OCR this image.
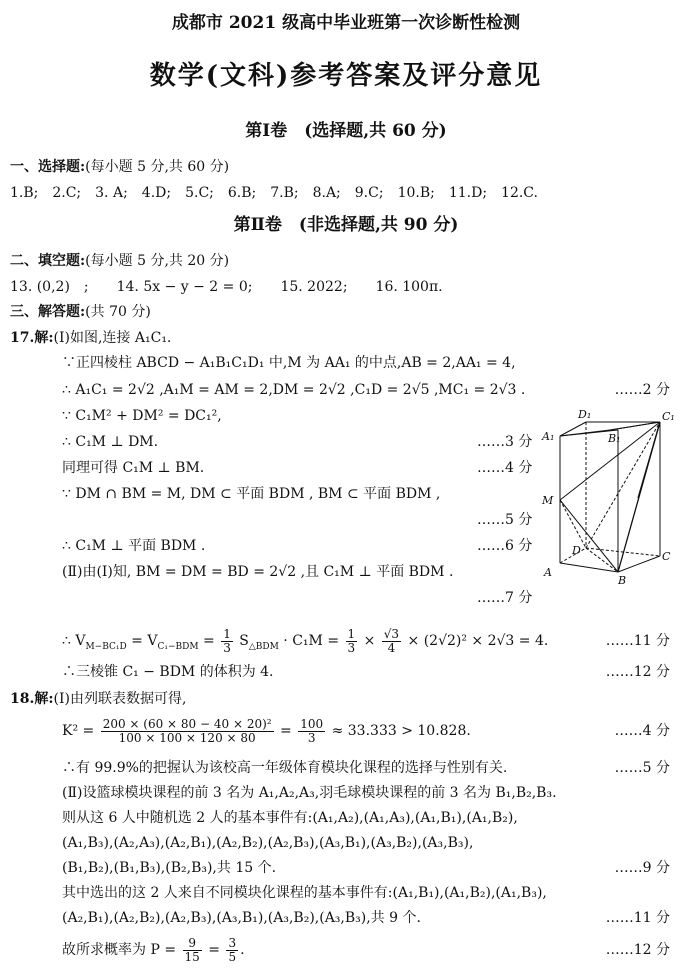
成都市 2021 级高中毕业班第一次诊断性检测
数学(文科)参考答案及评分意见
第Ⅰ卷　(选择题,共 60 分)
一、选择题:(每小题 5 分,共 60 分)
1.B;　2.C;　3. A;　4.D;　5.C;　6.B;　7.B;　8.A;　9.C;　10.B;　11.D;　12.C.
第Ⅱ卷　(非选择题,共 90 分)
二、填空题:(每小题 5 分,共 20 分)
13. (0,2)　;　　14. 5x − y − 2 = 0;　　15. 2022;　　16. 100π.
三、解答题:(共 70 分)
17.解:(Ⅰ)如图,连接 A₁C₁.
∵正四棱柱 ABCD − A₁B₁C₁D₁ 中,M 为 AA₁ 的中点,AB = 2,AA₁ = 4,
∴ A₁C₁ = 2√2 ,A₁M = AM = 2,DM = 2√2 ,C₁D = 2√5 ,MC₁ = 2√3 .	……2 分
∵ C₁M² + DM² = DC₁²,
∴ C₁M ⊥ DM.	……3 分
同理可得 C₁M ⊥ BM.	……4 分
∵ DM ∩ BM = M, DM ⊂ 平面 BDM , BM ⊂ 平面 BDM ,
……5 分
∴ C₁M ⊥ 平面 BDM .	……6 分
(Ⅱ)由(Ⅰ)知, BM = DM = BD = 2√2 ,且 C₁M ⊥ 平面 BDM .
……7 分
∴ $V_{M-BC_1D} = V_{C_1-BDM} = \frac{1}{3} S_{\triangle BDM} \cdot C_1M = \frac{1}{3} \times \frac{√3}{4} \times (2√2)^2 \times 2√3 = 4$.	……11 分
∴三棱锥 C₁ − BDM 的体积为 4.	……12 分
D₁	C₁
A₁	B₁
M
D
A
B
C
18.解:(Ⅰ)由列联表数据可得,
$K^2 = \frac{\text{200 × (60 × 80 − 40 × 20)²}}{100 \times 100 \times 120 \times 80} = \frac{100}{3} \approx 33.333 > 10.828$.	……4 分
∴有 99.9%的把握认为该校高一年级体育模块化课程的选择与性别有关.	……5 分
(Ⅱ)设篮球模块课程的前 3 名为 A₁,A₂,A₃,羽毛球模块课程的前 3 名为 B₁,B₂,B₃.
则从这 6 人中随机选 2 人的基本事件有:(A₁,A₂),(A₁,A₃),(A₁,B₁),(A₁,B₂),
(A₁,B₃),(A₂,A₃),(A₂,B₁),(A₂,B₂),(A₂,B₃),(A₃,B₁),(A₃,B₂),(A₃,B₃),
(B₁,B₂),(B₁,B₃),(B₂,B₃),共 15 个.	……9 分
其中选出的这 2 人来自不同模块化课程的基本事件有:(A₁,B₁),(A₁,B₂),(A₁,B₃),
(A₂,B₁),(A₂,B₂),(A₂,B₃),(A₃,B₁),(A₃,B₂),(A₃,B₃),共 9 个.	……11 分
故所求概率为 $P = \frac{9}{15} = \frac{3}{5}$ .	……12 分
